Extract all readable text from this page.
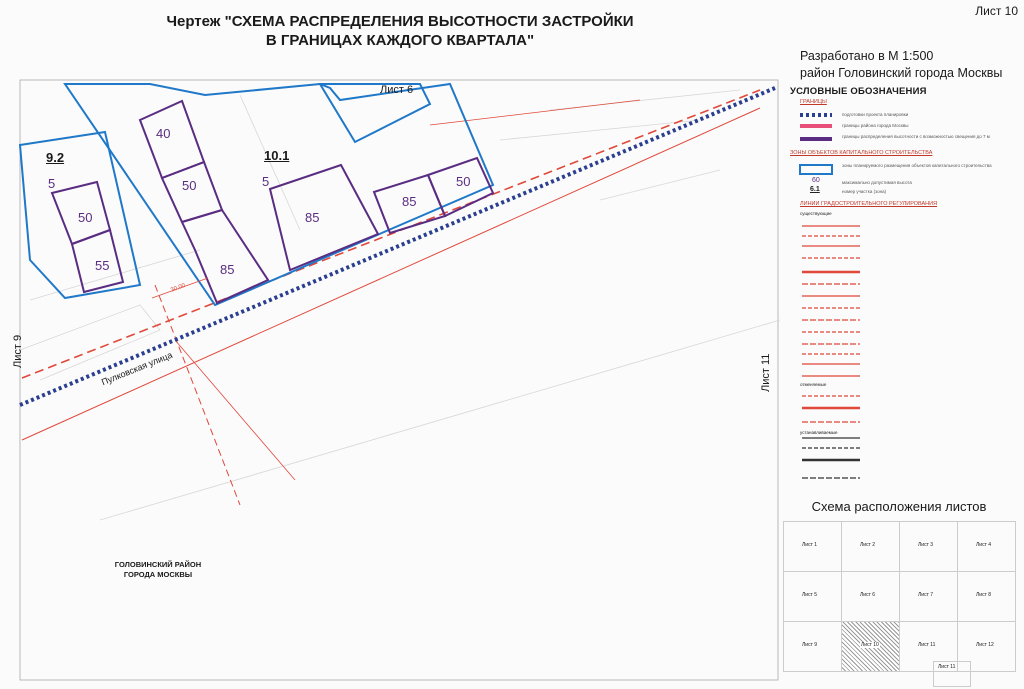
Чертеж "СХЕМА РАСПРЕДЕЛЕНИЯ ВЫСОТНОСТИ ЗАСТРОЙКИ
В ГРАНИЦАХ КАЖДОГО КВАРТАЛА"
Лист 10
Разработано в М 1:500
район Головинский города Москвы
Лист 6
Лист 9
Лист 11
Пулковская улица
30.00
9.2
5
10.1
5
40
50
85
85
85
50
50
55
ГОЛОВИНСКИЙ РАЙОН
ГОРОДА МОСКВЫ
УСЛОВНЫЕ ОБОЗНАЧЕНИЯ
ГРАНИЦЫ
подготовки проекта планировки
границы района города Москвы
границы распределения высотности с возможностью свещения до 7 м
ЗОНЫ ОБЪЕКТОВ КАПИТАЛЬНОГО СТРОИТЕЛЬСТВА
зоны планируемого размещения объектов капитального строительства
максимально допустимая высота
номер участка (зона)
60
6.1
ЛИНИИ ГРАДОСТРОИТЕЛЬНОГО РЕГУЛИРОВАНИЯ
существующие
отменяемые
устанавливаемые
Схема расположения листов
Лист 1	Лист 2	Лист 3	Лист 4
Лист 5	Лист 6	Лист 7	Лист 8
Лист 9	Лист 10	Лист 11	Лист 12
Лист 11
